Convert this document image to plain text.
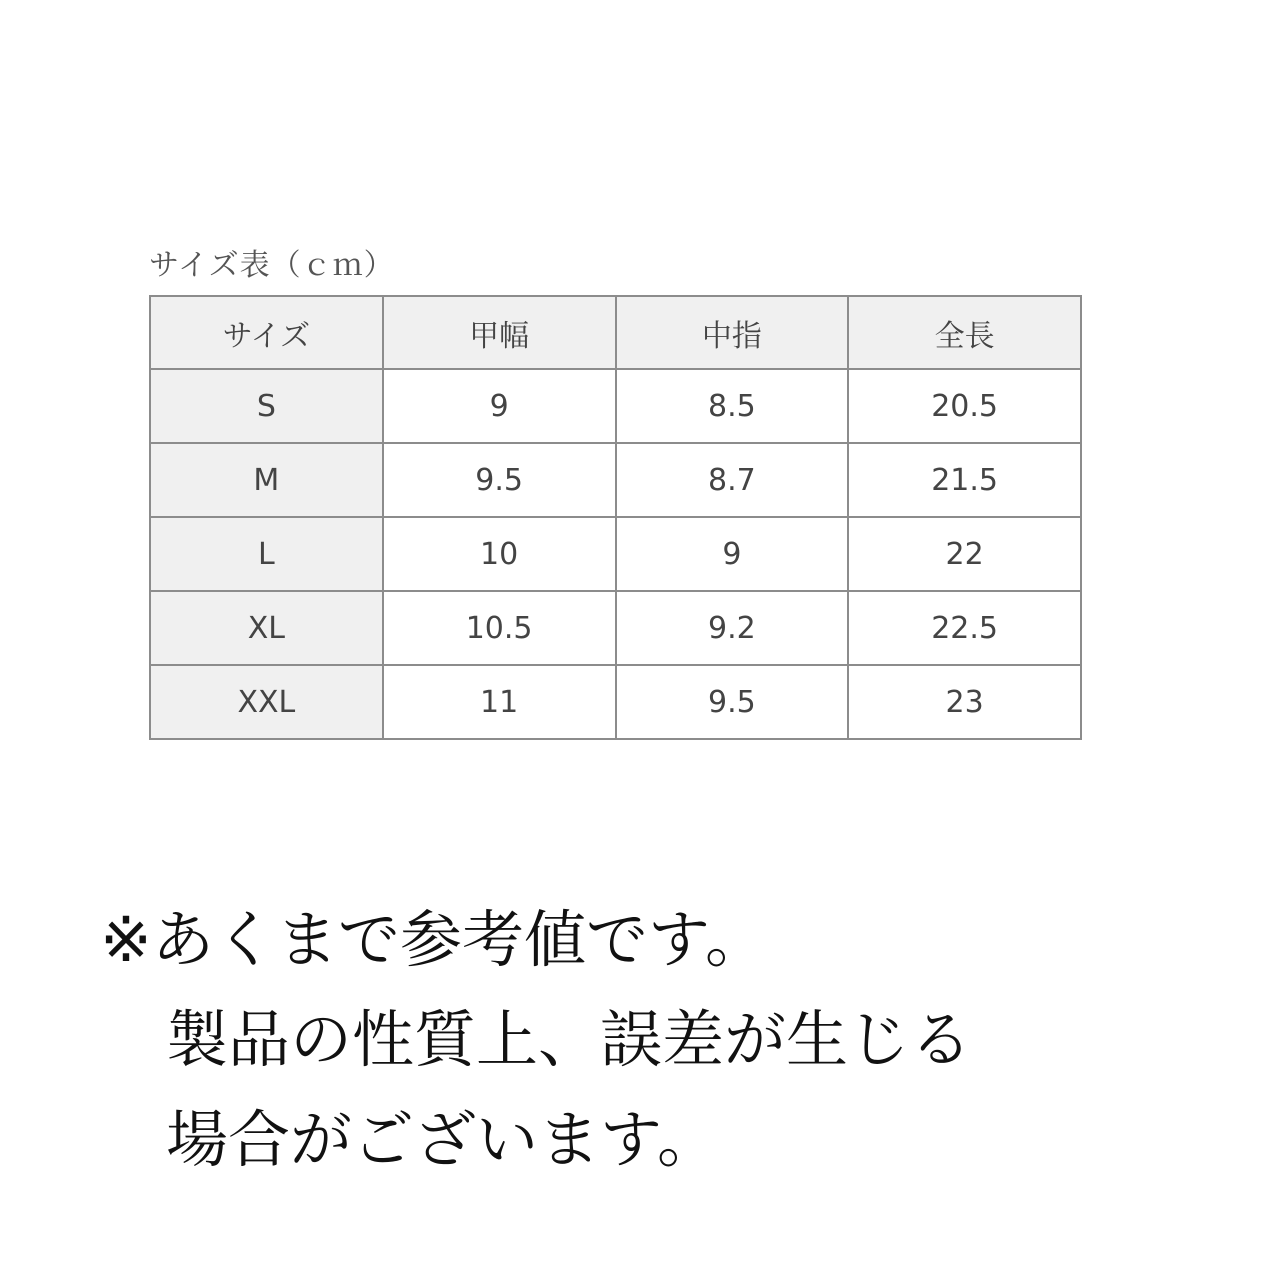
サイズ表（ｃｍ）
サイズ	甲幅	中指	全長
S	9	8.5	20.5
M	9.5	8.7	21.5
L	10	9	22
XL	10.5	9.2	22.5
XXL	11	9.5	23
※あくまで参考値です。
製品の性質上、誤差が生じる
場合がございます。
